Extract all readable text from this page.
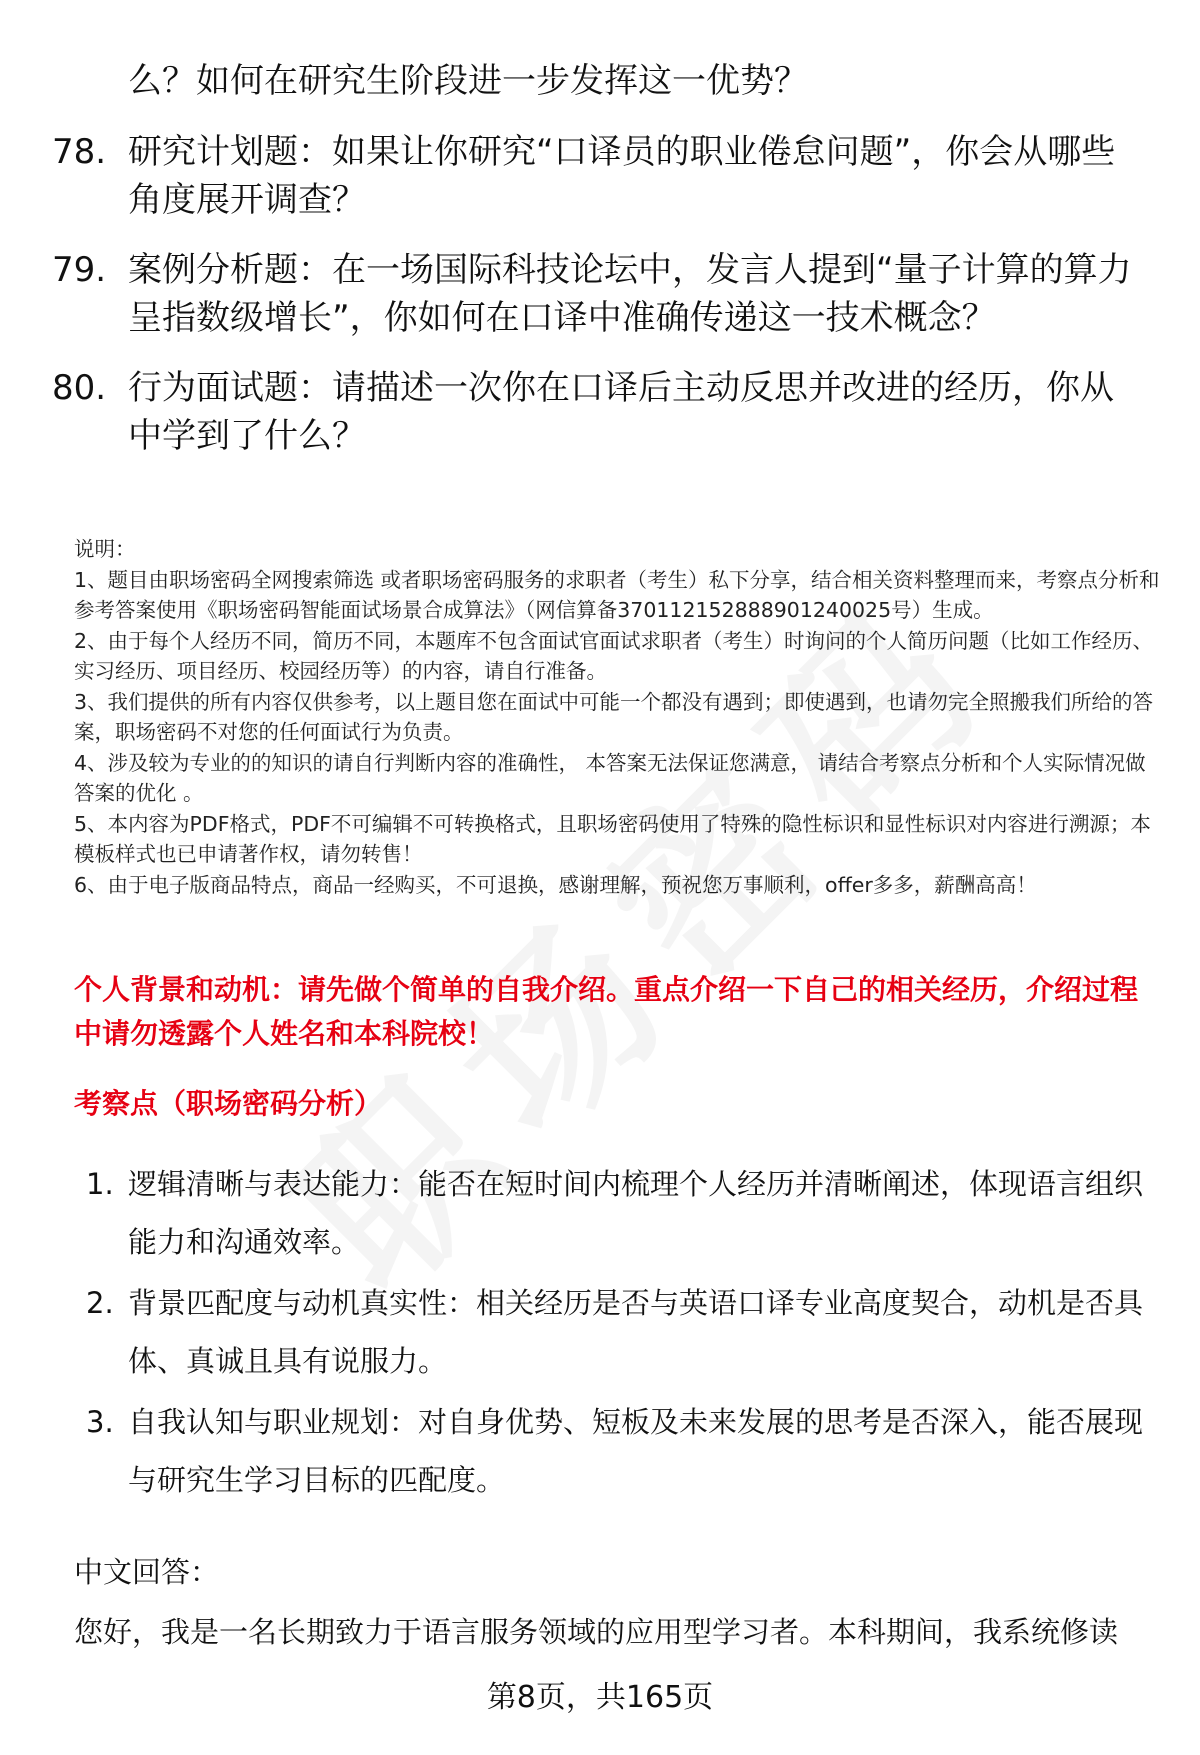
么？如何在研究生阶段进一步发挥这一优势？
78. 研究计划题：如果让你研究“口译员的职业倦怠问题”，你会从哪些角度展开调查？
79. 案例分析题：在一场国际科技论坛中，发言人提到“量子计算的算力呈指数级增长”，你如何在口译中准确传递这一技术概念？
80. 行为面试题：请描述一次你在口译后主动反思并改进的经历，你从中学到了什么？

说明：

1、题目由职场密码全网搜索筛选 或者职场密码服务的求职者（考生）私下分享，结合相关资料整理而来，考察点分析和参考答案使用《职场密码智能面试场景合成算法》（网信算备370112152888901240025号）生成。

2、由于每个人经历不同，简历不同，本题库不包含面试官面试求职者（考生）时询问的个人简历问题（比如工作经历、实习经历、项目经历、校园经历等）的内容，请自行准备。

3、我们提供的所有内容仅供参考，以上题目您在面试中可能一个都没有遇到；即使遇到，也请勿完全照搬我们所给的答案，职场密码不对您的任何面试行为负责。

4、涉及较为专业的的知识的请自行判断内容的准确性， 本答案无法保证您满意， 请结合考察点分析和个人实际情况做答案的优化 。

5、本内容为PDF格式，PDF不可编辑不可转换格式，且职场密码使用了特殊的隐性标识和显性标识对内容进行溯源；本模板样式也已申请著作权，请勿转售！

6、由于电子版商品特点，商品一经购买，不可退换，感谢理解，预祝您万事顺利，offer多多，薪酬高高！

个人背景和动机：请先做个简单的自我介绍。重点介绍一下自己的相关经历，介绍过程中请勿透露个人姓名和本科院校！
考察点（职场密码分析）
1. 逻辑清晰与表达能力：能否在短时间内梳理个人经历并清晰阐述，体现语言组织能力和沟通效率。
2. 背景匹配度与动机真实性：相关经历是否与英语口译专业高度契合，动机是否具体、真诚且具有说服力。
3. 自我认知与职业规划：对自身优势、短板及未来发展的思考是否深入，能否展现与研究生学习目标的匹配度。
中文回答：
您好，我是一名长期致力于语言服务领域的应用型学习者。本科期间，我系统修读
第8页，共165页
